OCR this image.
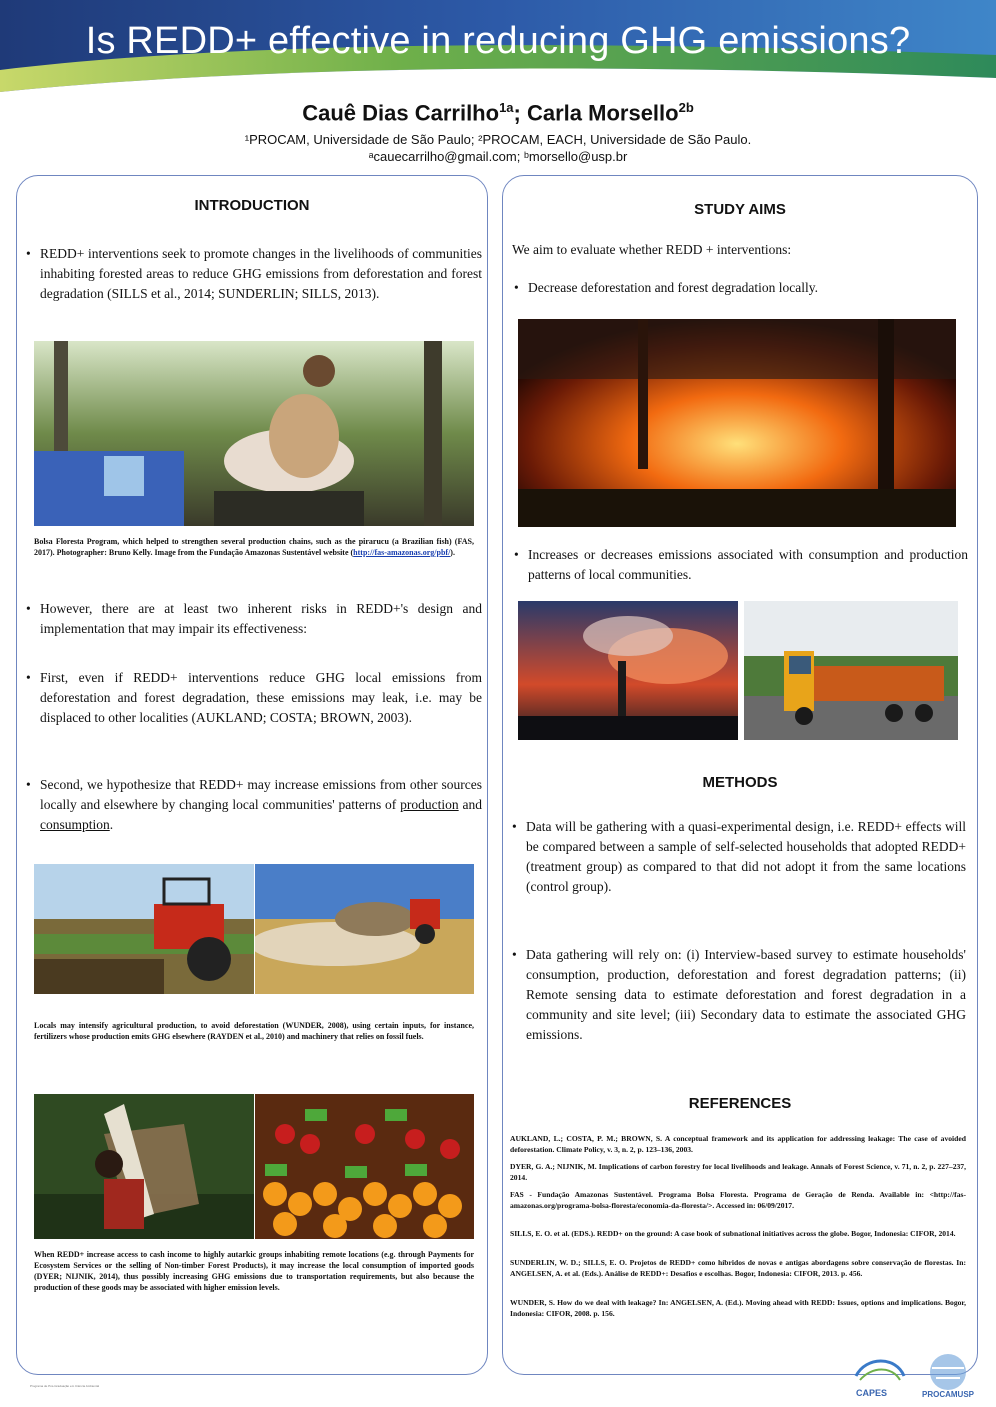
Is REDD+ effective in reducing GHG emissions?
Cauê Dias Carrilho$^{1a}$; Carla Morsello$^{2b}$
¹PROCAM, Universidade de São Paulo; ²PROCAM, EACH, Universidade de São Paulo.
ᵃcauecarrilho@gmail.com; ᵇmorsello@usp.br
INTRODUCTION
• REDD+ interventions seek to promote changes in the livelihoods of communities inhabiting forested areas to reduce GHG emissions from deforestation and forest degradation (SILLS et al., 2014; SUNDERLIN; SILLS, 2013).
Bolsa Floresta Program, which helped to strengthen several production chains, such as the pirarucu (a Brazilian fish) (FAS, 2017). Photographer: Bruno Kelly. Image from the Fundação Amazonas Sustentável website (http://fas-amazonas.org/pbf/).
• However, there are at least two inherent risks in REDD+'s design and implementation that may impair its effectiveness:
• First, even if REDD+ interventions reduce GHG local emissions from deforestation and forest degradation, these emissions may leak, i.e. may be displaced to other localities (AUKLAND; COSTA; BROWN, 2003).
• Second, we hypothesize that REDD+ may increase emissions from other sources locally and elsewhere by changing local communities' patterns of production and consumption.
Locals may intensify agricultural production, to avoid deforestation (WUNDER, 2008), using certain inputs, for instance, fertilizers whose production emits GHG elsewhere (RAYDEN et al., 2010) and machinery that relies on fossil fuels.
When REDD+ increase access to cash income to highly autarkic groups inhabiting remote locations (e.g. through Payments for Ecosystem Services or the selling of Non-timber Forest Products), it may increase the local consumption of imported goods (DYER; NIJNIK, 2014), thus possibly increasing GHG emissions due to transportation requirements, but also because the production of these goods may be associated with higher emission levels.
STUDY AIMS
We aim to evaluate whether REDD + interventions:
• Decrease deforestation and forest degradation locally.
• Increases or decreases emissions associated with consumption and production patterns of local communities.
METHODS
• Data will be gathering with a quasi-experimental design, i.e. REDD+ effects will be compared between a sample of self-selected households that adopted REDD+ (treatment group) as compared to that did not adopt it from the same locations (control group).
• Data gathering will rely on: (i) Interview-based survey to estimate households' consumption, production, deforestation and forest degradation patterns; (ii) Remote sensing data to estimate deforestation and forest degradation in a community and site level; (iii) Secondary data to estimate the associated GHG emissions.
REFERENCES
AUKLAND, L.; COSTA, P. M.; BROWN, S. A conceptual framework and its application for addressing leakage: The case of avoided deforestation. Climate Policy, v. 3, n. 2, p. 123–136, 2003.
DYER, G. A.; NIJNIK, M. Implications of carbon forestry for local livelihoods and leakage. Annals of Forest Science, v. 71, n. 2, p. 227–237, 2014.
FAS - Fundação Amazonas Sustentável. Programa Bolsa Floresta. Programa de Geração de Renda. Available in: <http://fas-amazonas.org/programa-bolsa-floresta/economia-da-floresta/>. Accessed in: 06/09/2017.
SILLS, E. O. et al. (EDS.). REDD+ on the ground: A case book of subnational initiatives across the globe. Bogor, Indonesia: CIFOR, 2014.
SUNDERLIN, W. D.; SILLS, E. O. Projetos de REDD+ como híbridos de novas e antigas abordagens sobre conservação de florestas. In: ANGELSEN, A. et al. (Eds.). Análise de REDD+: Desafios e escolhas. Bogor, Indonesia: CIFOR, 2013. p. 456.
WUNDER, S. How do we deal with leakage? In: ANGELSEN, A. (Ed.). Moving ahead with REDD: Issues, options and implications. Bogor, Indonesia: CIFOR, 2008. p. 156.
CAPES	PROCAMUSP
Programa de Pós-Graduação em Ciência Ambiental
